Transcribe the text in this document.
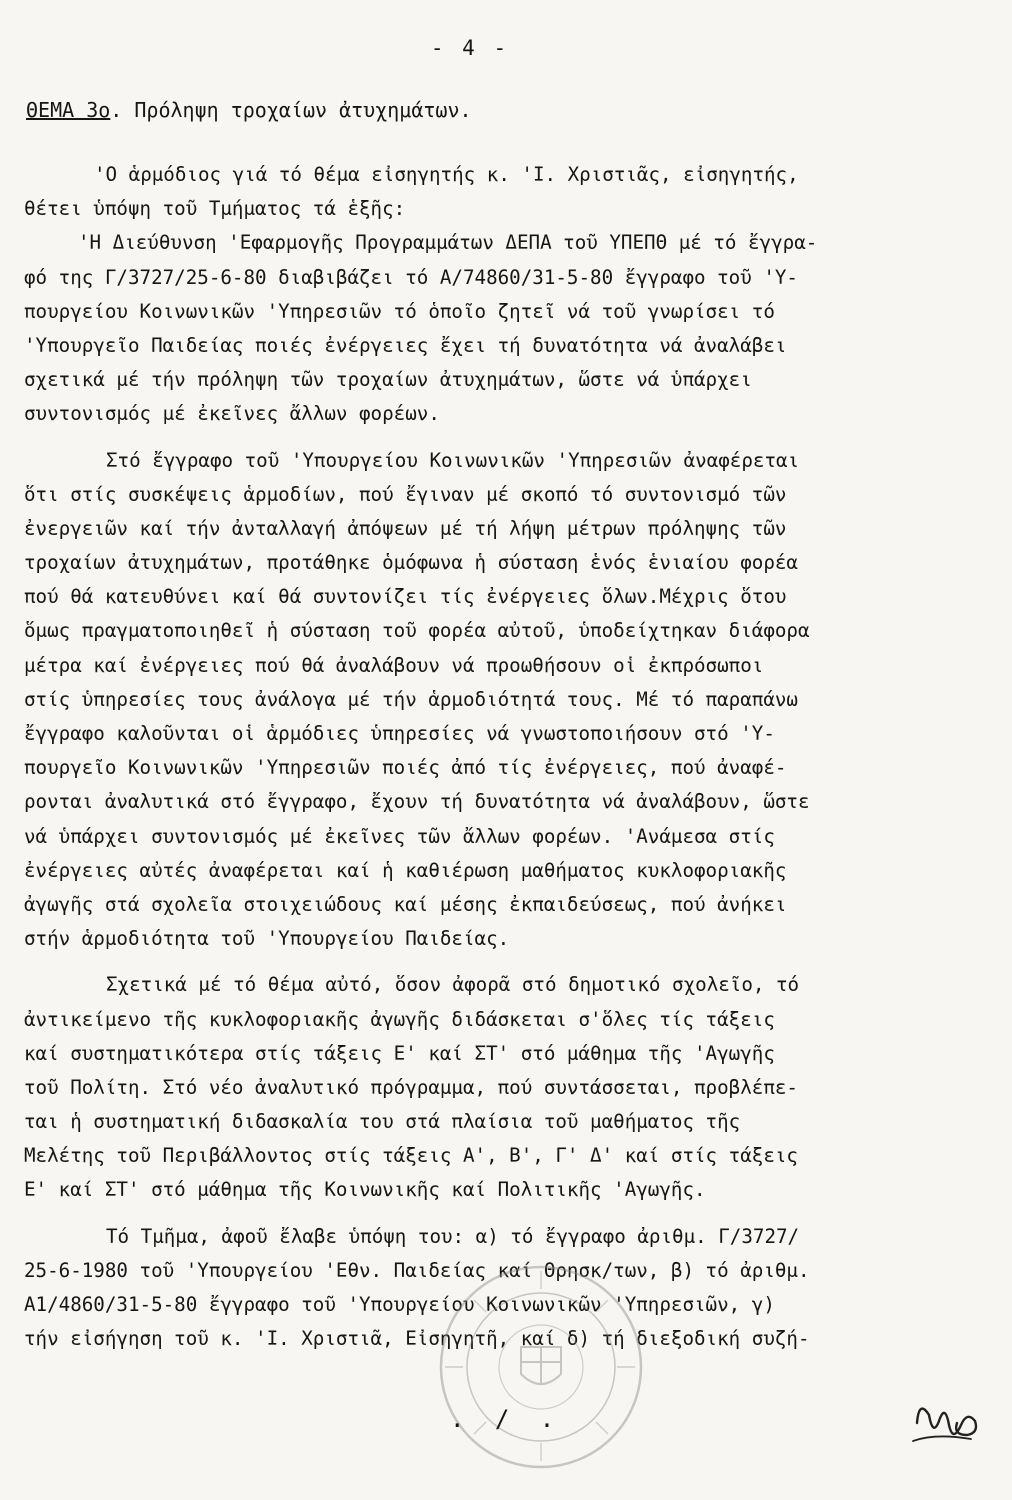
- 4 -
ΘΕΜΑ 3ο. Πρόληψη τροχαίων ἀτυχημάτων.
'Ο ἁρμόδιος γιά τό θέμα εἰσηγητής κ. 'Ι. Χριστιᾶς, εἰσηγητής,
θέτει ὑπόψη τοῦ Τμήματος τά ἑξῆς:
'Η Διεύθυνση 'Εφαρμογῆς Προγραμμάτων ΔΕΠΑ τοῦ ΥΠΕΠΘ μέ τό ἔγγρα-
φό της Γ/3727/25-6-80 διαβιβάζει τό Α/74860/31-5-80 ἔγγραφο τοῦ 'Υ-
πουργείου Κοινωνικῶν 'Υπηρεσιῶν τό ὁποῖο ζητεῖ νά τοῦ γνωρίσει τό
'Υπουργεῖο Παιδείας ποιές ἐνέργειες ἔχει τή δυνατότητα νά ἀναλάβει
σχετικά μέ τήν πρόληψη τῶν τροχαίων ἀτυχημάτων, ὥστε νά ὑπάρχει
συντονισμός μέ ἐκεῖνες ἄλλων φορέων.
Στό ἔγγραφο τοῦ 'Υπουργείου Κοινωνικῶν 'Υπηρεσιῶν ἀναφέρεται
ὅτι στίς συσκέψεις ἁρμοδίων, πού ἔγιναν μέ σκοπό τό συντονισμό τῶν
ἐνεργειῶν καί τήν ἀνταλλαγή ἀπόψεων μέ τή λήψη μέτρων πρόληψης τῶν
τροχαίων ἀτυχημάτων, προτάθηκε ὁμόφωνα ἡ σύσταση ἑνός ἑνιαίου φορέα
πού θά κατευθύνει καί θά συντονίζει τίς ἐνέργειες ὅλων.Μέχρις ὅτου
ὅμως πραγματοποιηθεῖ ἡ σύσταση τοῦ φορέα αὐτοῦ, ὑποδείχτηκαν διάφορα
μέτρα καί ἐνέργειες πού θά ἀναλάβουν νά προωθήσουν οἱ ἐκπρόσωποι
στίς ὑπηρεσίες τους ἀνάλογα μέ τήν ἁρμοδιότητά τους. Μέ τό παραπάνω
ἔγγραφο καλοῦνται οἱ ἁρμόδιες ὑπηρεσίες νά γνωστοποιήσουν στό 'Υ-
πουργεῖο Κοινωνικῶν 'Υπηρεσιῶν ποιές ἀπό τίς ἐνέργειες, πού ἀναφέ-
ρονται ἀναλυτικά στό ἔγγραφο, ἔχουν τή δυνατότητα νά ἀναλάβουν, ὥστε
νά ὑπάρχει συντονισμός μέ ἐκεῖνες τῶν ἄλλων φορέων. 'Ανάμεσα στίς
ἐνέργειες αὐτές ἀναφέρεται καί ἡ καθιέρωση μαθήματος κυκλοφοριακῆς
ἀγωγῆς στά σχολεῖα στοιχειώδους καί μέσης ἐκπαιδεύσεως, πού ἀνήκει
στήν ἁρμοδιότητα τοῦ 'Υπουργείου Παιδείας.
Σχετικά μέ τό θέμα αὐτό, ὅσον ἀφορᾶ στό δημοτικό σχολεῖο, τό
ἀντικείμενο τῆς κυκλοφοριακῆς ἀγωγῆς διδάσκεται σ'ὅλες τίς τάξεις
καί συστηματικότερα στίς τάξεις Ε' καί ΣΤ' στό μάθημα τῆς 'Αγωγῆς
τοῦ Πολίτη. Στό νέο ἀναλυτικό πρόγραμμα, πού συντάσσεται, προβλέπε-
ται ἡ συστηματική διδασκαλία του στά πλαίσια τοῦ μαθήματος τῆς
Μελέτης τοῦ Περιβάλλοντος στίς τάξεις Α', Β', Γ' Δ' καί στίς τάξεις
Ε' καί ΣΤ' στό μάθημα τῆς Κοινωνικῆς καί Πολιτικῆς 'Αγωγῆς.
Τό Τμῆμα, ἀφοῦ ἔλαβε ὑπόψη του: α) τό ἔγγραφο ἀριθμ. Γ/3727/
25-6-1980 τοῦ 'Υπουργείου 'Εθν. Παιδείας καί Θρησκ/των, β) τό ἀριθμ.
Α1/4860/31-5-80 ἔγγραφο τοῦ 'Υπουργείου Κοινωνικῶν 'Υπηρεσιῶν, γ)
τήν εἰσήγηση τοῦ κ. 'Ι. Χριστιᾶ, Εἰσηγητῆ, καί δ) τή διεξοδική συζή-
. / .
